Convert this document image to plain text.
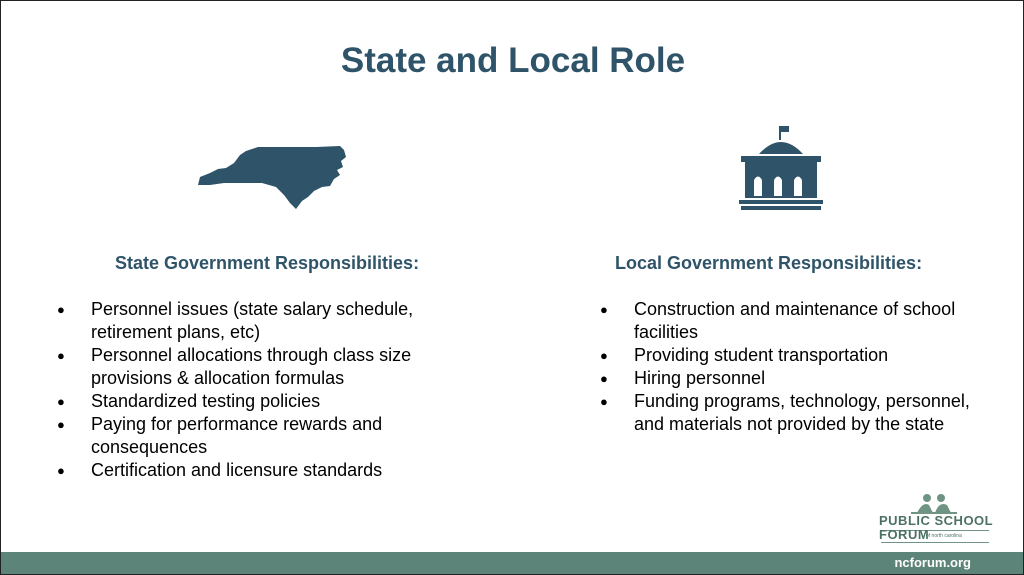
State and Local Role
State Government Responsibilities:	Local Government Responsibilities:
● Personnel issues (state salary schedule, retirement plans, etc)
● Personnel allocations through class size provisions & allocation formulas
● Standardized testing policies
● Paying for performance rewards and consequences
● Certification and licensure standards
● Construction and maintenance of school facilities
● Providing student transportation
● Hiring personnel
● Funding programs, technology, personnel, and materials not provided by the state
PUBLIC SCHOOL
FORUM
of north carolina
ncforum.org
